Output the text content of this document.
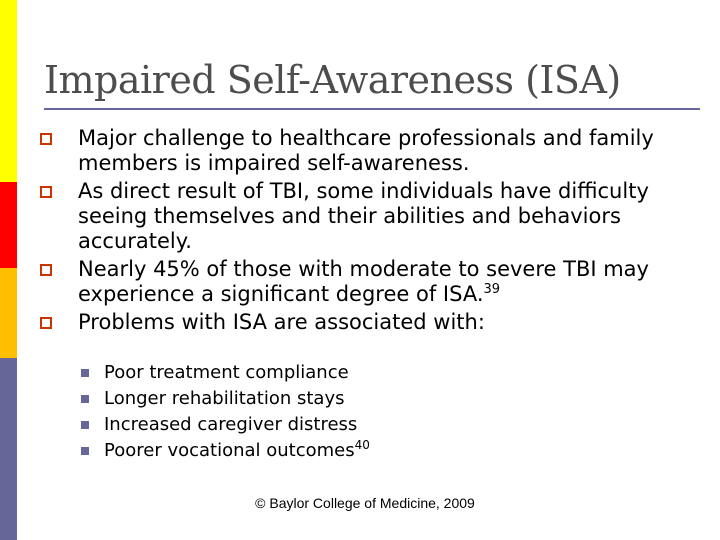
Impaired Self-Awareness (ISA)
Major challenge to healthcare professionals and family members is impaired self-awareness.
As direct result of TBI, some individuals have difficulty seeing themselves and their abilities and behaviors accurately.
Nearly 45% of those with moderate to severe TBI may experience a significant degree of ISA.$^{39}$
Problems with ISA are associated with:
Poor treatment compliance
Longer rehabilitation stays
Increased caregiver distress
Poorer vocational outcomes$^{40}$
© Baylor College of Medicine, 2009
